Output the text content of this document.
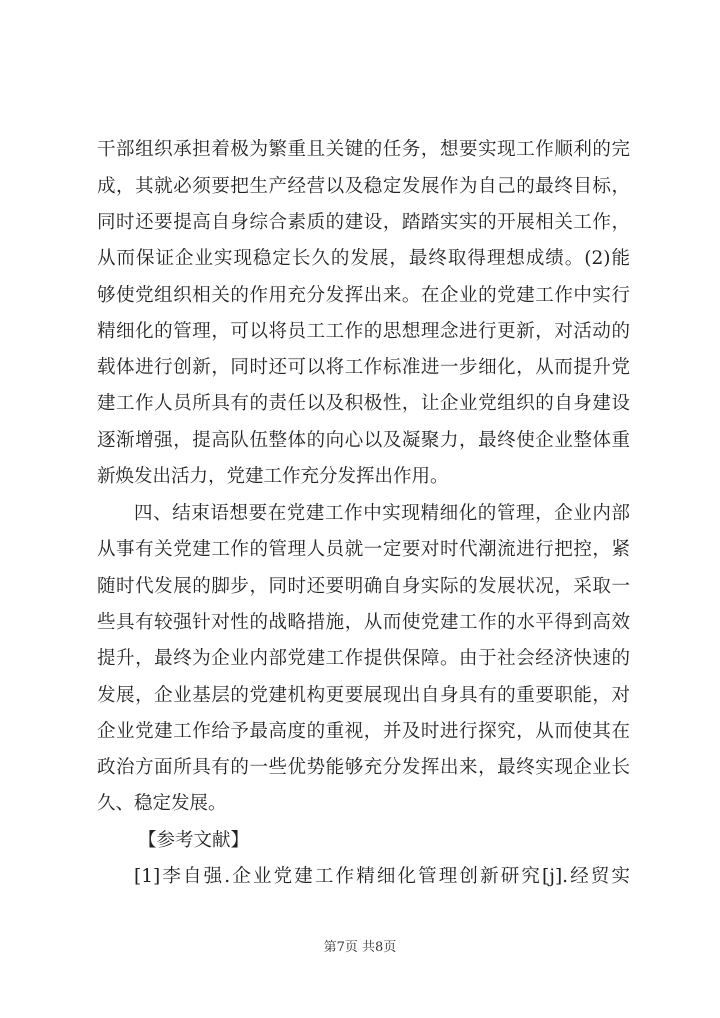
干部组织承担着极为繁重且关键的任务，想要实现工作顺利的完
成，其就必须要把生产经营以及稳定发展作为自己的最终目标，
同时还要提高自身综合素质的建设，踏踏实实的开展相关工作，
从而保证企业实现稳定长久的发展，最终取得理想成绩。(2)能
够使党组织相关的作用充分发挥出来。在企业的党建工作中实行
精细化的管理，可以将员工工作的思想理念进行更新，对活动的
载体进行创新，同时还可以将工作标准进一步细化，从而提升党
建工作人员所具有的责任以及积极性，让企业党组织的自身建设
逐渐增强，提高队伍整体的向心以及凝聚力，最终使企业整体重
新焕发出活力，党建工作充分发挥出作用。
四、结束语想要在党建工作中实现精细化的管理，企业内部
从事有关党建工作的管理人员就一定要对时代潮流进行把控，紧
随时代发展的脚步，同时还要明确自身实际的发展状况，采取一
些具有较强针对性的战略措施，从而使党建工作的水平得到高效
提升，最终为企业内部党建工作提供保障。由于社会经济快速的
发展，企业基层的党建机构更要展现出自身具有的重要职能，对
企业党建工作给予最高度的重视，并及时进行探究，从而使其在
政治方面所具有的一些优势能够充分发挥出来，最终实现企业长
久、稳定发展。
【参考文献】
[1]李自强.企业党建工作精细化管理创新研究[j].经贸实
第7页 共8页
